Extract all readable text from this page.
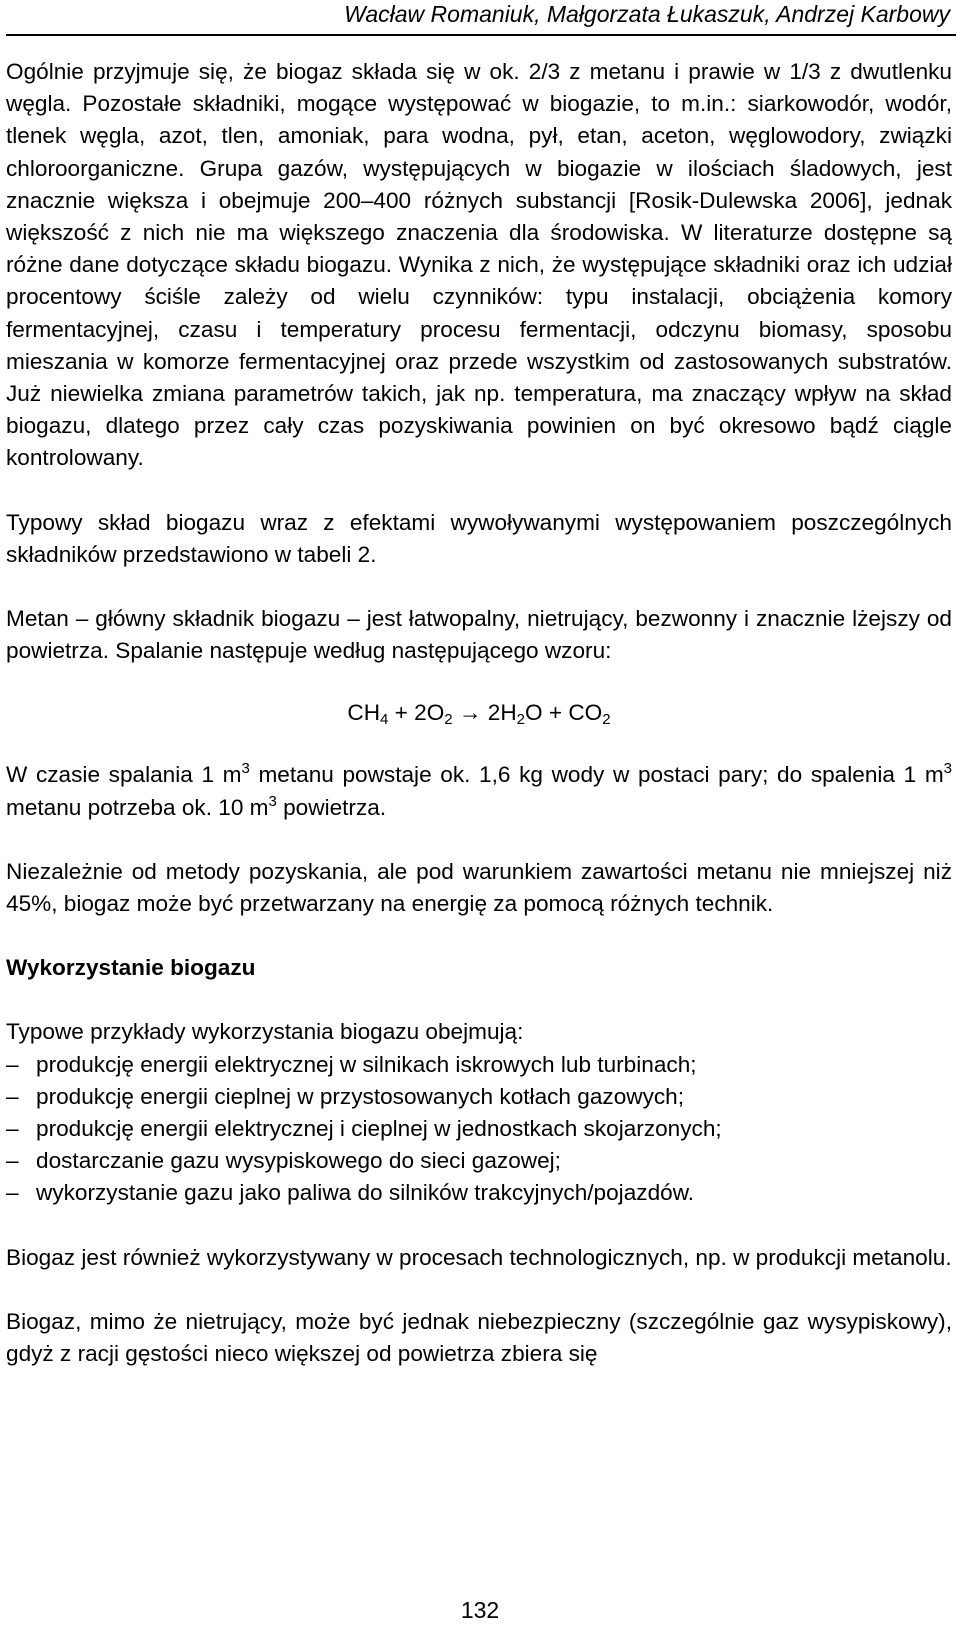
Wacław Romaniuk, Małgorzata Łukaszuk, Andrzej Karbowy

Ogólnie przyjmuje się, że biogaz składa się w ok. 2/3 z metanu i prawie w 1/3 z dwutlenku węgla. Pozostałe składniki, mogące występować w biogazie, to m.in.: siarkowodór, wodór, tlenek węgla, azot, tlen, amoniak, para wodna, pył, etan, aceton, węglowodory, związki chloroorganiczne. Grupa gazów, występujących w biogazie w ilościach śladowych, jest znacznie większa i obejmuje 200–400 różnych substancji [Rosik-Dulewska 2006], jednak większość z nich nie ma większego znaczenia dla środowiska. W literaturze dostępne są różne dane dotyczące składu biogazu. Wynika z nich, że występujące składniki oraz ich udział procentowy ściśle zależy od wielu czynników: typu instalacji, obciążenia komory fermentacyjnej, czasu i temperatury procesu fermentacji, odczynu biomasy, sposobu mieszania w komorze fermentacyjnej oraz przede wszystkim od zastosowanych substratów. Już niewielka zmiana parametrów takich, jak np. temperatura, ma znaczący wpływ na skład biogazu, dlatego przez cały czas pozyskiwania powinien on być okresowo bądź ciągle kontrolowany.

Typowy skład biogazu wraz z efektami wywoływanymi występowaniem poszczególnych składników przedstawiono w tabeli 2.

Metan – główny składnik biogazu – jest łatwopalny, nietrujący, bezwonny i znacznie lżejszy od powietrza. Spalanie następuje według następującego wzoru:

$CH_4 + 2O_2 \to 2H_2O + CO_2$

W czasie spalania 1 $m^3$ metanu powstaje ok. 1,6 kg wody w postaci pary; do spalenia 1 $m^3$ metanu potrzeba ok. 10 $m^3$ powietrza.

Niezależnie od metody pozyskania, ale pod warunkiem zawartości metanu nie mniejszej niż 45%, biogaz może być przetwarzany na energię za pomocą różnych technik.

Wykorzystanie biogazu

Typowe przykłady wykorzystania biogazu obejmują:

– produkcję energii elektrycznej w silnikach iskrowych lub turbinach;
– produkcję energii cieplnej w przystosowanych kotłach gazowych;
– produkcję energii elektrycznej i cieplnej w jednostkach skojarzonych;
– dostarczanie gazu wysypiskowego do sieci gazowej;
– wykorzystanie gazu jako paliwa do silników trakcyjnych/pojazdów.

Biogaz jest również wykorzystywany w procesach technologicznych, np. w produkcji metanolu.

Biogaz, mimo że nietrujący, może być jednak niebezpieczny (szczególnie gaz wysypiskowy), gdyż z racji gęstości nieco większej od powietrza zbiera się

132
